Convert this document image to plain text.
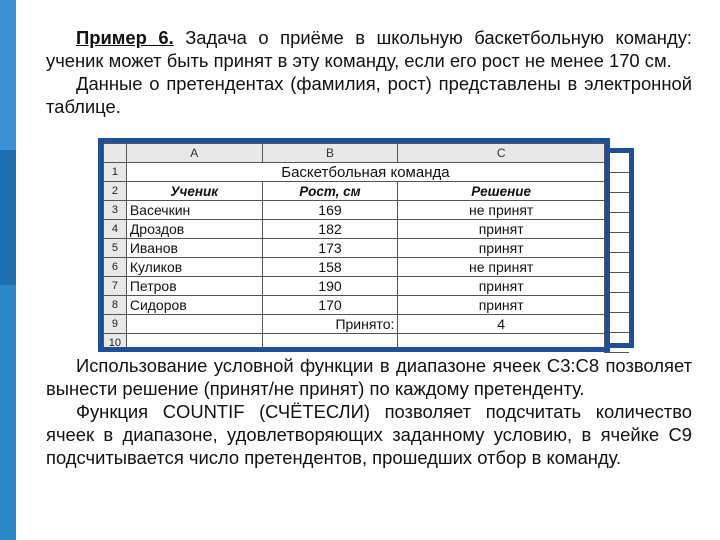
Пример 6. Задача о приёме в школьную баскетбольную команду: ученик может быть принят в эту команду, если его рост не менее 170 см.

Данные о претендентах (фамилия, рост) представлены в электронной таблице.

	A	B	C
1	Баскетбольная команда		
2	Ученик	Рост, см	Решение
3	Васечкин	169	не принят
4	Дроздов	182	принят
5	Иванов	173	принят
6	Куликов	158	не принят
7	Петров	190	принят
8	Сидоров	170	принят
9		Принято:	4
10			

Использование условной функции в диапазоне ячеек C3:C8 позволяет вынести решение (принят/не принят) по каждому претенденту.

Функция COUNTIF (СЧЁТЕСЛИ) позволяет подсчитать количество ячеек в диапазоне, удовлетворяющих заданному условию, в ячейке C9 подсчитывается число претендентов, прошедших отбор в команду.
